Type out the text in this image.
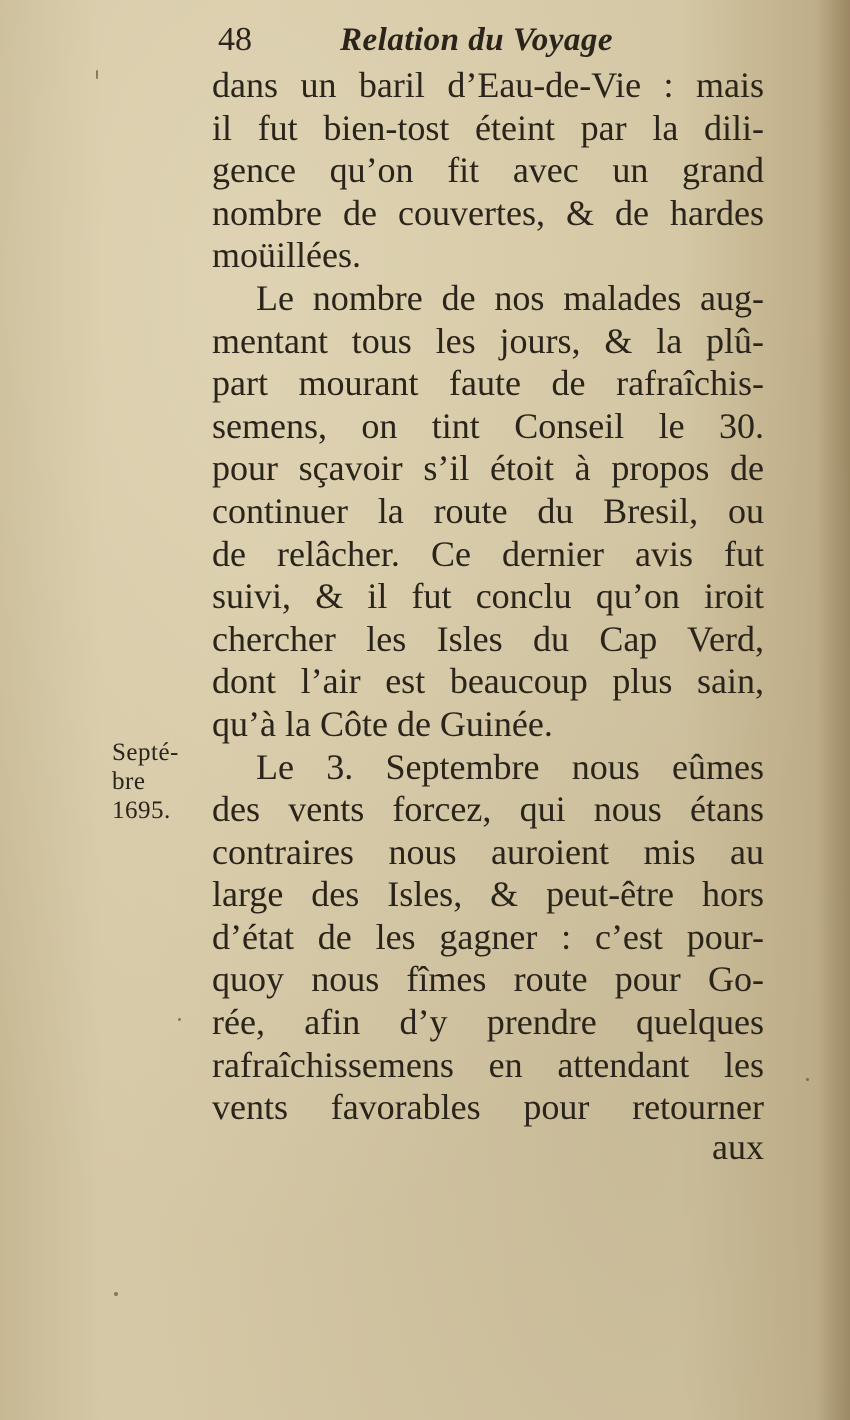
48	Relation du Voyage
dans un baril d’Eau-de-Vie : mais
il fut bien-tost éteint par la dili-
gence qu’on fit avec un grand
nombre de couvertes, & de hardes
moüillées.
Le nombre de nos malades aug-
mentant tous les jours, & la plû-
part mourant faute de rafraîchis-
semens, on tint Conseil le 30.
pour sçavoir s’il étoit à propos de
continuer la route du Bresil, ou
de relâcher. Ce dernier avis fut
suivi, & il fut conclu qu’on iroit
chercher les Isles du Cap Verd,
dont l’air est beaucoup plus sain,
qu’à la Côte de Guinée.
Le 3. Septembre nous eûmes
des vents forcez, qui nous étans
contraires nous auroient mis au
large des Isles, & peut-être hors
d’état de les gagner : c’est pour-
quoy nous fîmes route pour Go-
rée, afin d’y prendre quelques
rafraîchissemens en attendant les
vents favorables pour retourner
aux
Septé-
bre
1695.
